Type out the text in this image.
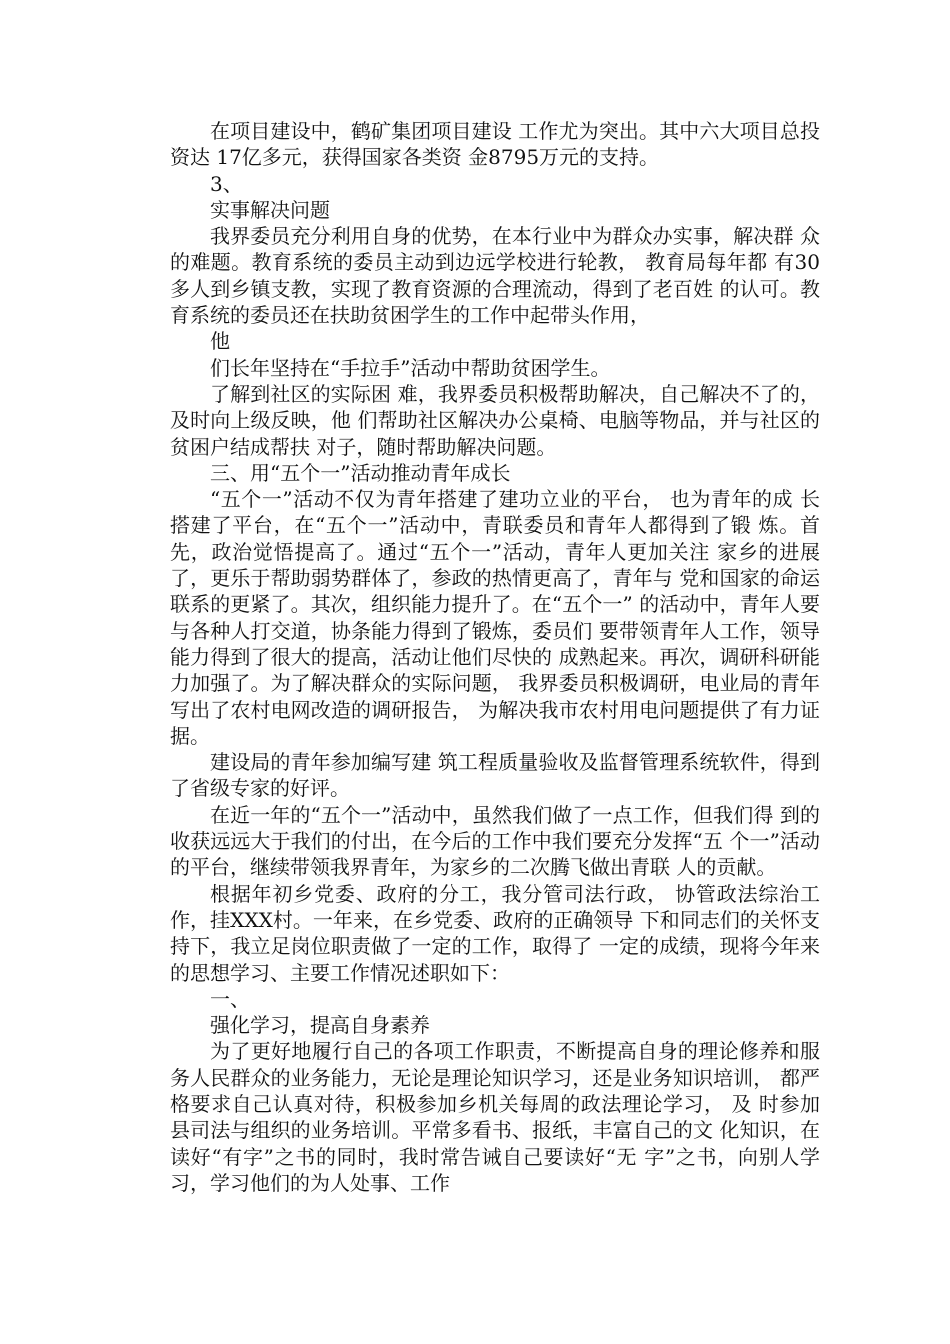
在项目建设中，鹤矿集团项目建设 工作尤为突出。其中六大项目总投资达 17亿多元，获得国家各类资 金8795万元的支持。

3、

实事解决问题

我界委员充分利用自身的优势，在本行业中为群众办实事，解决群 众的难题。教育系统的委员主动到边远学校进行轮教， 教育局每年都 有30多人到乡镇支教，实现了教育资源的合理流动，得到了老百姓 的认可。教育系统的委员还在扶助贫困学生的工作中起带头作用，

他

们长年坚持在“手拉手”活动中帮助贫困学生。

了解到社区的实际困 难，我界委员积极帮助解决，自己解决不了的，及时向上级反映，他 们帮助社区解决办公桌椅、电脑等物品，并与社区的贫困户结成帮扶 对子，随时帮助解决问题。

三、用“五个一”活动推动青年成长

“五个一”活动不仅为青年搭建了建功立业的平台， 也为青年的成 长搭建了平台，在“五个一”活动中，青联委员和青年人都得到了锻 炼。首先，政治觉悟提高了。通过“五个一”活动，青年人更加关注 家乡的进展了，更乐于帮助弱势群体了，参政的热情更高了，青年与 党和国家的命运联系的更紧了。其次，组织能力提升了。在“五个一” 的活动中，青年人要与各种人打交道，协条能力得到了锻炼，委员们 要带领青年人工作，领导能力得到了很大的提高，活动让他们尽快的 成熟起来。再次，调研科研能力加强了。为了解决群众的实际问题， 我界委员积极调研，电业局的青年写出了农村电网改造的调研报告， 为解决我市农村用电问题提供了有力证据。

建设局的青年参加编写建 筑工程质量验收及监督管理系统软件，得到了省级专家的好评。

在近一年的“五个一”活动中，虽然我们做了一点工作，但我们得 到的收获远远大于我们的付出，在今后的工作中我们要充分发挥“五 个一”活动的平台，继续带领我界青年，为家乡的二次腾飞做出青联 人的贡献。

根据年初乡党委、政府的分工，我分管司法行政， 协管政法综治工作，挂XXX村。一年来，在乡党委、政府的正确领导 下和同志们的关怀支持下，我立足岗位职责做了一定的工作，取得了 一定的成绩，现将今年来的思想学习、主要工作情况述职如下：

一、

强化学习，提高自身素养

为了更好地履行自己的各项工作职责，不断提高自身的理论修养和服 务人民群众的业务能力，无论是理论知识学习，还是业务知识培训， 都严格要求自己认真对待，积极参加乡机关每周的政法理论学习， 及 时参加县司法与组织的业务培训。平常多看书、报纸，丰富自己的文 化知识，在读好“有字”之书的同时，我时常告诫自己要读好“无 字”之书，向别人学习，学习他们的为人处事、工作
